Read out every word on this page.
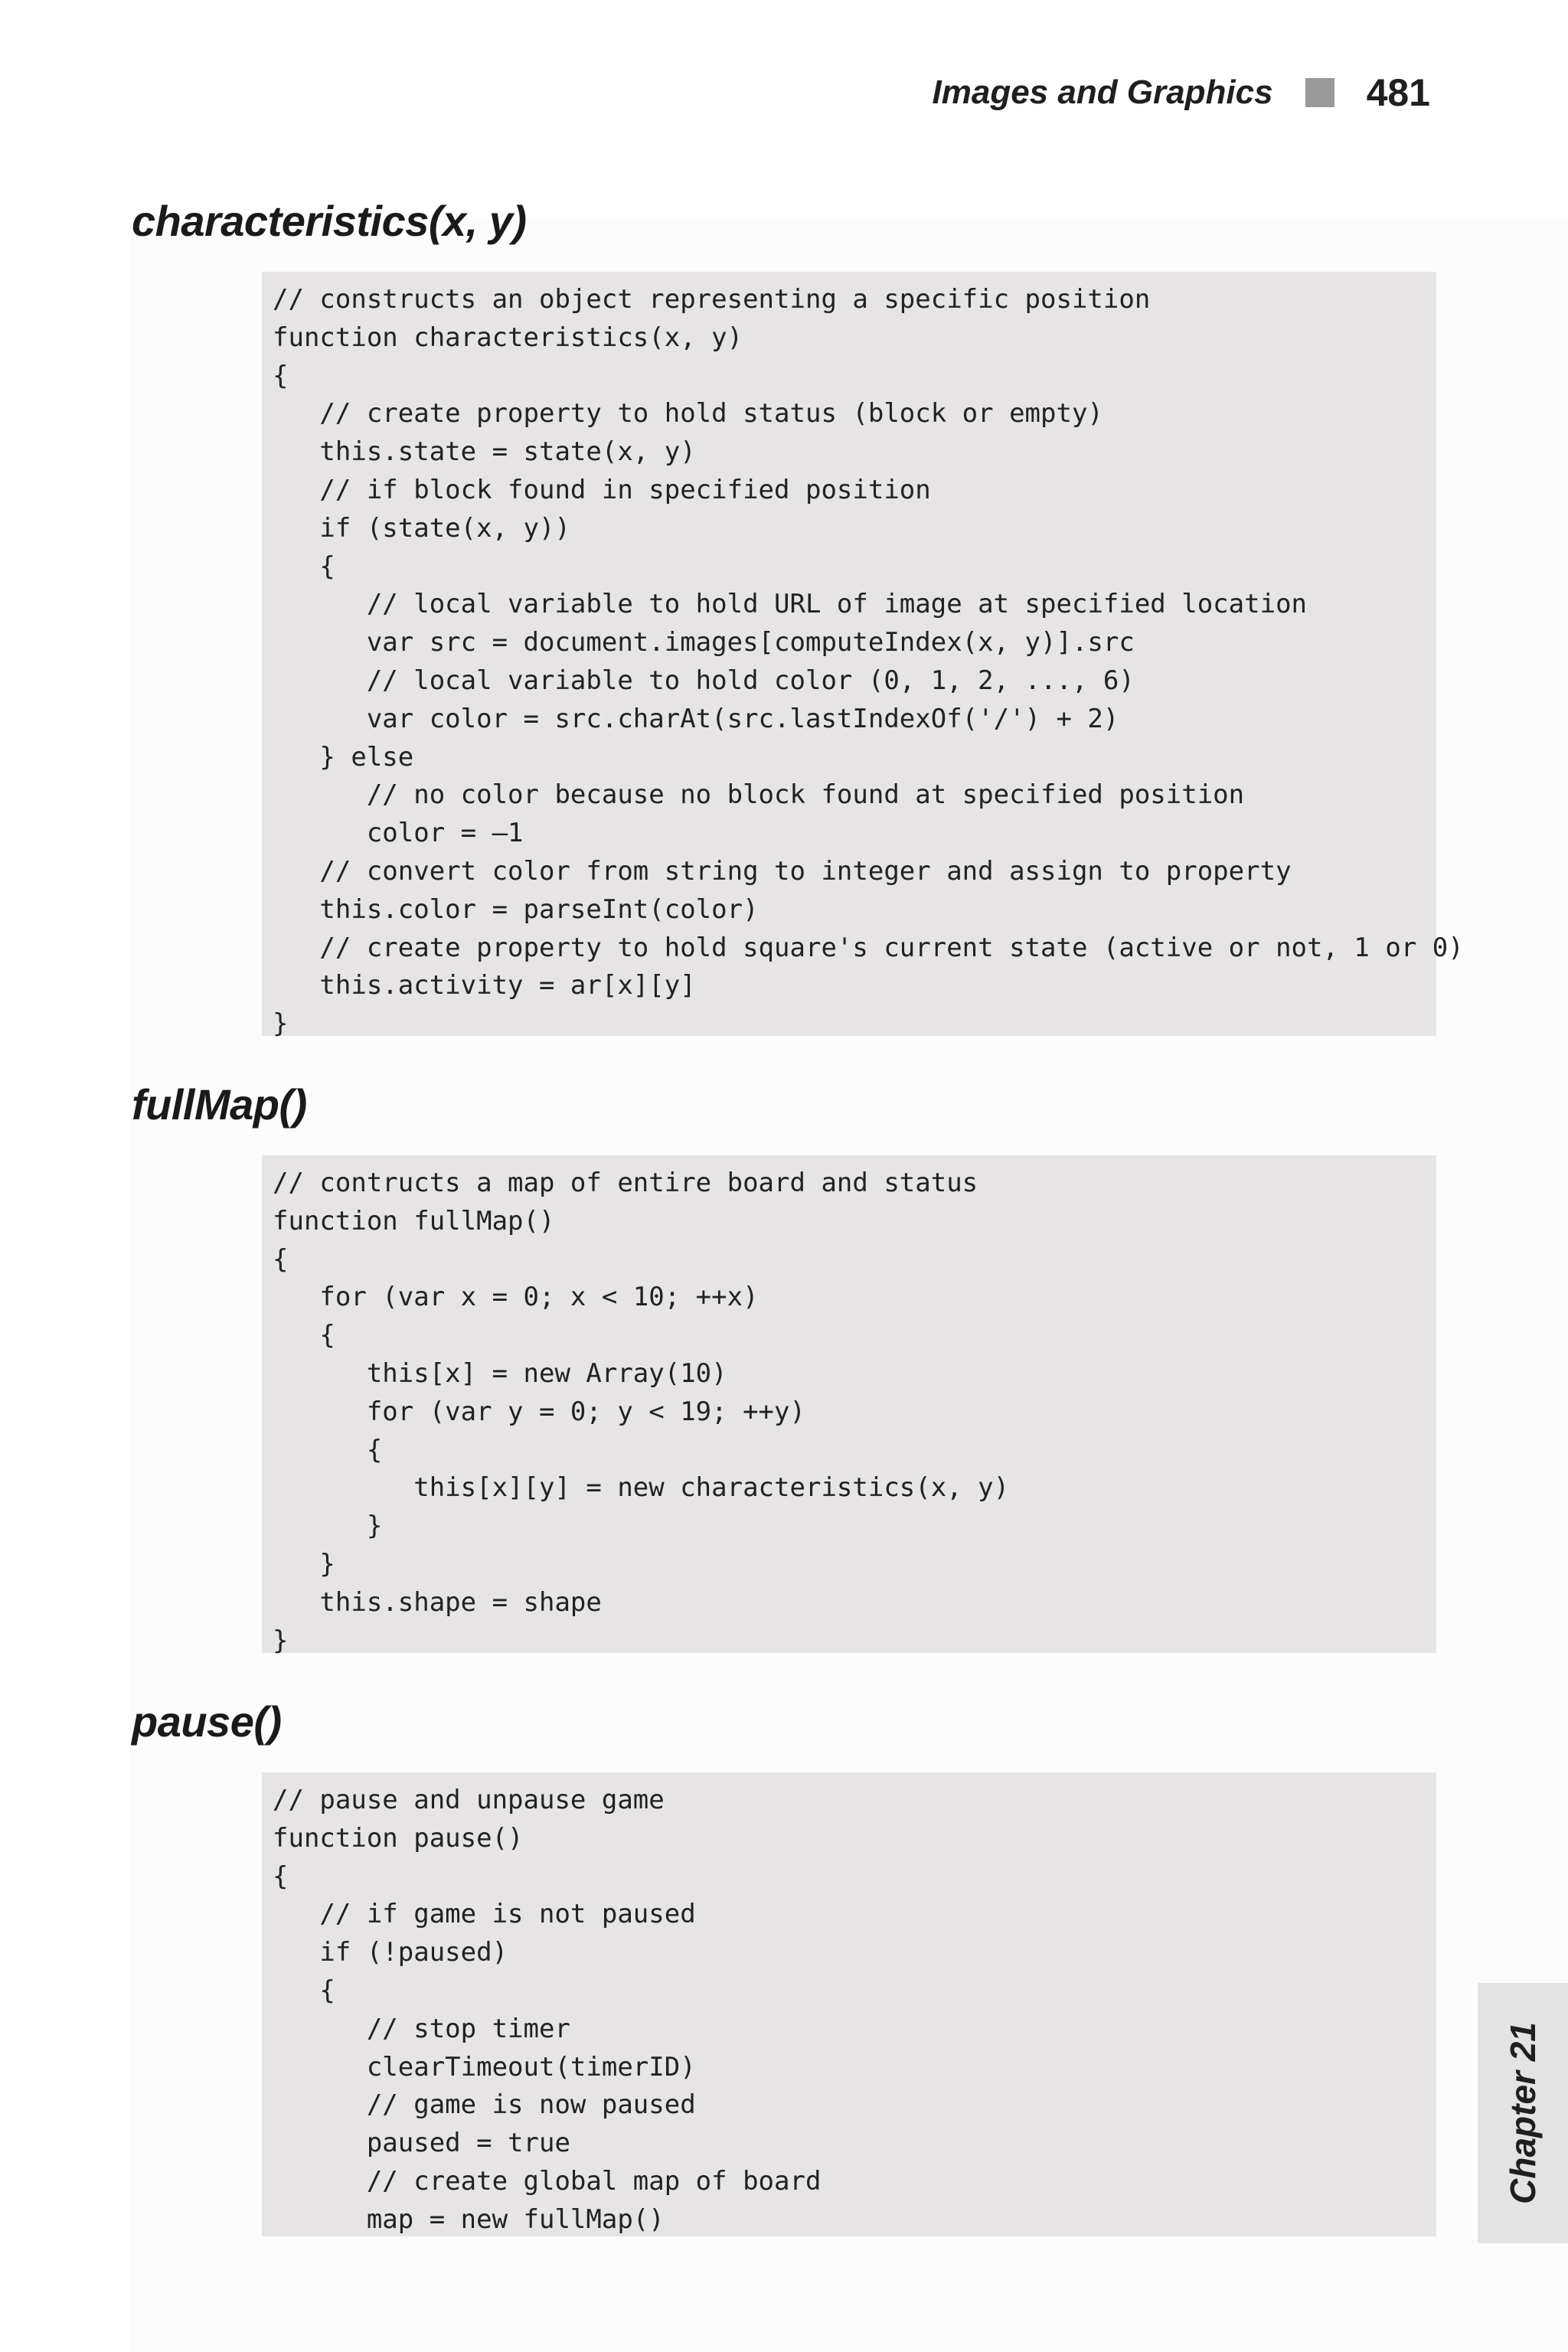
Images and Graphics 481
characteristics(x, y)
// constructs an object representing a specific position
function characteristics(x, y)
{
// create property to hold status (block or empty)
this.state = state(x, y)
// if block found in specified position
if (state(x, y))
{
// local variable to hold URL of image at specified location
var src = document.images[computeIndex(x, y)].src
// local variable to hold color (0, 1, 2, ..., 6)
var color = src.charAt(src.lastIndexOf('/') + 2)
} else
// no color because no block found at specified position
color = –1
// convert color from string to integer and assign to property
this.color = parseInt(color)
// create property to hold square's current state (active or not, 1 or 0)
this.activity = ar[x][y]
}
fullMap()
// contructs a map of entire board and status
function fullMap()
{
for (var x = 0; x < 10; ++x)
{
this[x] = new Array(10)
for (var y = 0; y < 19; ++y)
{
this[x][y] = new characteristics(x, y)
}
}
this.shape = shape
}
pause()
// pause and unpause game
function pause()
{
// if game is not paused
if (!paused)
{
// stop timer
clearTimeout(timerID)
// game is now paused
paused = true
// create global map of board
map = new fullMap()
Chapter 21
